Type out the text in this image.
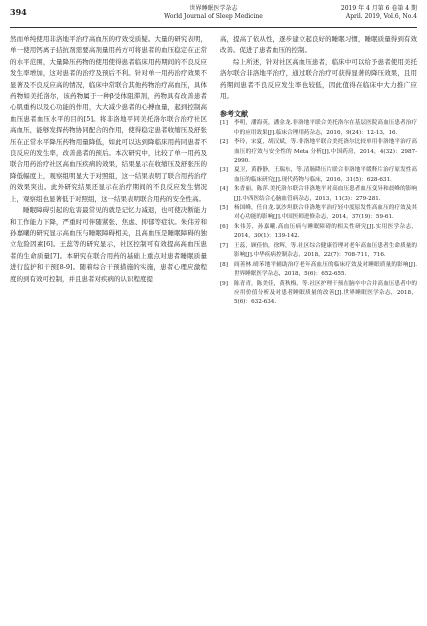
394	世界睡眠医学杂志
World Journal of Sleep Medicine
2019 年 4 月第 6 卷第 4 期
April. 2019, Vol.6, No.4

然而单纯使用非洛地平治疗高血压的疗效受质疑。大量的研究表明，单一使用钙离子拮抗剂需要高剂量用药方可将患者的血压稳定在正常的水平范围，大量降压药物的使用使得患者临床用药期间的不良反应发生率增加，这对患者的治疗及预后不利。针对单一用药治疗效果不显著及不良反应高的情况，临床中常联合其他药物治疗高血压，具体药物如美托洛尔，该药物属于一种β受体阻滞剂，药物具有改善患者心肌重构以及心功能的作用，大大减少患者的心搏血量，起到控制高血压患者血压水平的目的[5]。将非洛地平同美托洛尔联合治疗社区高血压，能够发挥药物协同配合的作用，使得稳定患者收缩压及舒张压在正常水平降压药物用量降低，如此可以达到降临床用药同患者不良反应的发生率，改善患者的预后。本次研究中，比较了单一用药及联合用药治疗社区高血压疾病的效果，结果显示在收缩压及舒张压的降低幅度上，观察组明显大于对照组，这一结果表明了联合用药治疗的效果突出。此外研究结果还显示在治疗期间的不良反应发生情况上，观察组也显著低于对照组，这一结果表明联合用药的安全性高。

睡眠障碍引起的危害最常见的就是记忆力减退，也可使决断能力和工作能力下降，严重时可伴随紧张、焦虑、抑郁等症状。朱伟芳和孙嘉曦的研究显示高血压与睡眠障碍相关，且高血压是睡眠障碍的独立危险因素[6]。王蕊等的研究显示，社区控制可有效提高高血压患者的生命质量[7]。本研究在联合用药的基础上重点对患者睡眠质量进行监护和干预[8-9]。随着综合干预措施的实施，患者心理应激程度的到有效可控制，并且患者对疾病的认识程度提

高，提高了依从性，逐步建立起良好的睡眠习惯，睡眠质量得到有效改善。促进了患者血压的控制。

综上所述，针对社区高血压患者，临床中可以给予患者使用美托洛尔联合非洛地平治疗，通过联合治疗可获得显著的降压效果，且用药期间患者不良反应发生率也较低，因此值得在临床中大力推广应用。

参考文献
[1]	李明，潘海英，潘金龙.非洛地平联合美托洛尔在基层医院高血压患者治疗中的应用效果[J].临床合理用药杂志，2016，9(24)：12-13，16.
[2]	李玲，宋夏，胡汉斌，等.非洛地平联合美托洛尔比较单用非洛地平治疗高血压的疗效与安全性的 Meta 分析[J].中国药房，2014，4(32)：2987-2990.
[3]	夏卫，黄静静，王瑞东，等.清肠降压片联合非洛地平缓释片治疗原发性高血压的临床研究[J].现代药物与临床，2016，31(5)：628-631.
[4]	朱香丽，陈萍.美托洛尔联合非洛地平对高血压患者血压变异和晨峰的影响[J].中西医结合心脑血管病杂志，2013，11(3)：279-281.
[5]	杨国峰，任自龙.氯沙坦联合非洛地平治疗轻中度原发性高血压的疗效及其对心功能的影响[J].中国医师进修杂志，2014，37(19)：59-61.
[6]	朱伟芳，孙嘉曦.高血压病与睡眠障碍的相关性研究[J].实用医学杂志，2014，30(1)：139-142.
[7]	王蕊，顾佳怡，徐辉，等.社区综合健康管理对老年高血压患者生命质量的影响[J].中华疾病控制杂志，2018，22(7)：708-711，716.
[8]	阎善林.晴苯地平辅助治疗老年高血压的临床疗效及对睡眠质量的影响[J].世界睡眠医学杂志，2018，5(6)：652-655.
[9]	陈青青，陈美佳，黄秋梅，等.社区护理干预在脑卒中合并高血压患者中的应用价值分析及对患者睡眠质量的改善[J].世界睡眠医学杂志，2018，5(6)：632-634.
